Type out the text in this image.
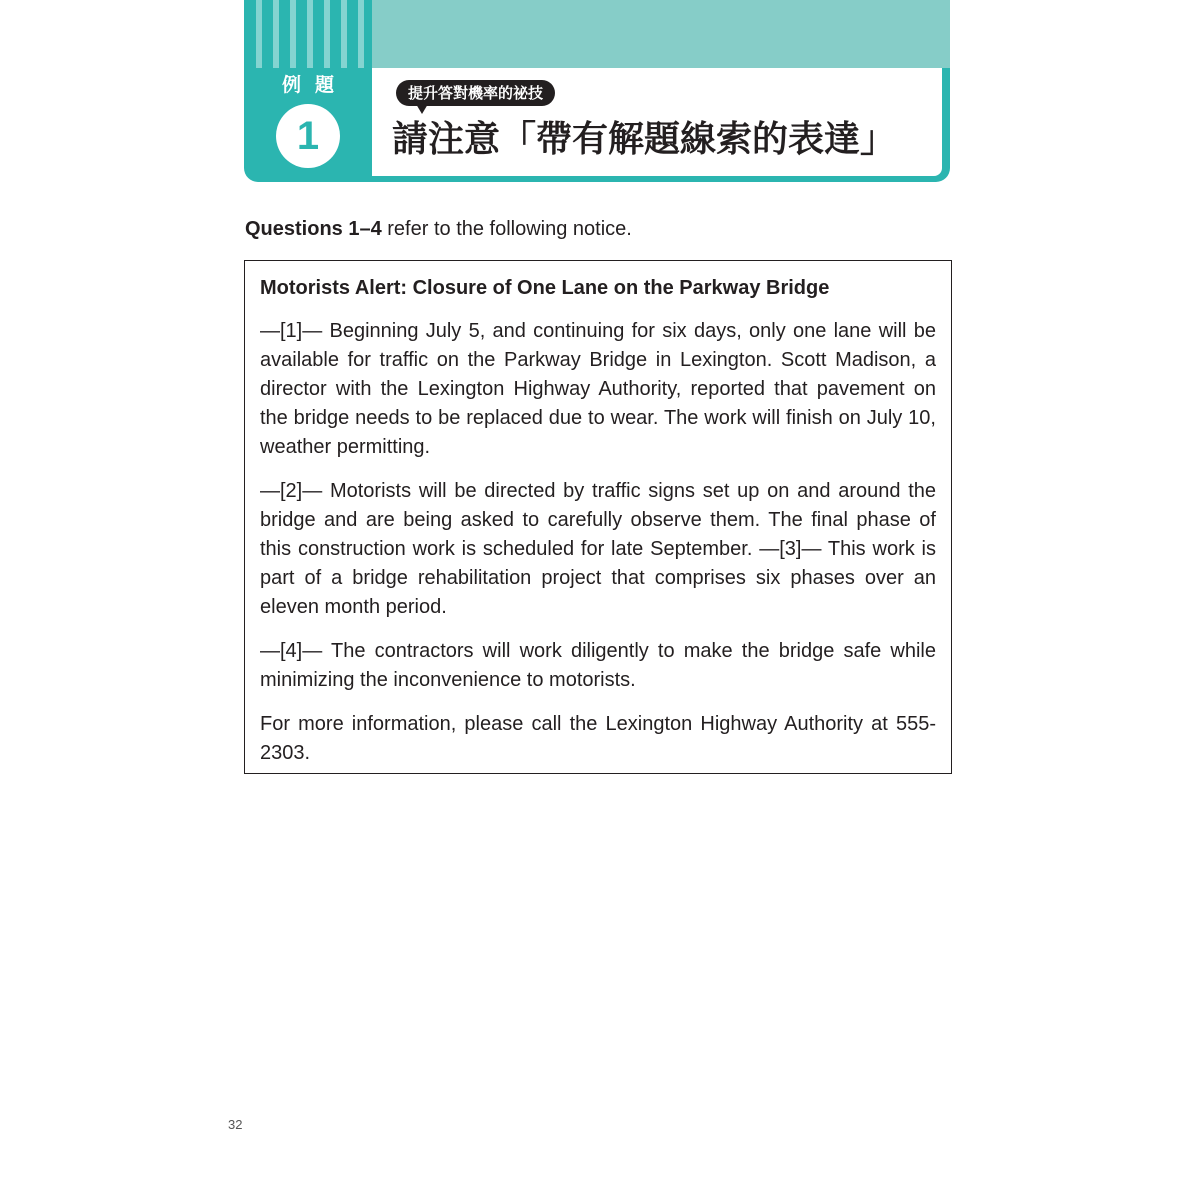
例題
1
提升答對機率的祕技
請注意「帶有解題線索的表達」
Questions 1–4 refer to the following notice.
Motorists Alert: Closure of One Lane on the Parkway Bridge

—[1]— Beginning July 5, and continuing for six days, only one lane will be available for traffic on the Parkway Bridge in Lexington. Scott Madison, a director with the Lexington Highway Authority, reported that pavement on the bridge needs to be replaced due to wear. The work will finish on July 10, weather permitting.

—[2]— Motorists will be directed by traffic signs set up on and around the bridge and are being asked to carefully observe them. The final phase of this construction work is scheduled for late September. —[3]— This work is part of a bridge rehabilitation project that comprises six phases over an eleven month period.

—[4]— The contractors will work diligently to make the bridge safe while minimizing the inconvenience to motorists.

For more information, please call the Lexington Highway Authority at 555-2303.

32
